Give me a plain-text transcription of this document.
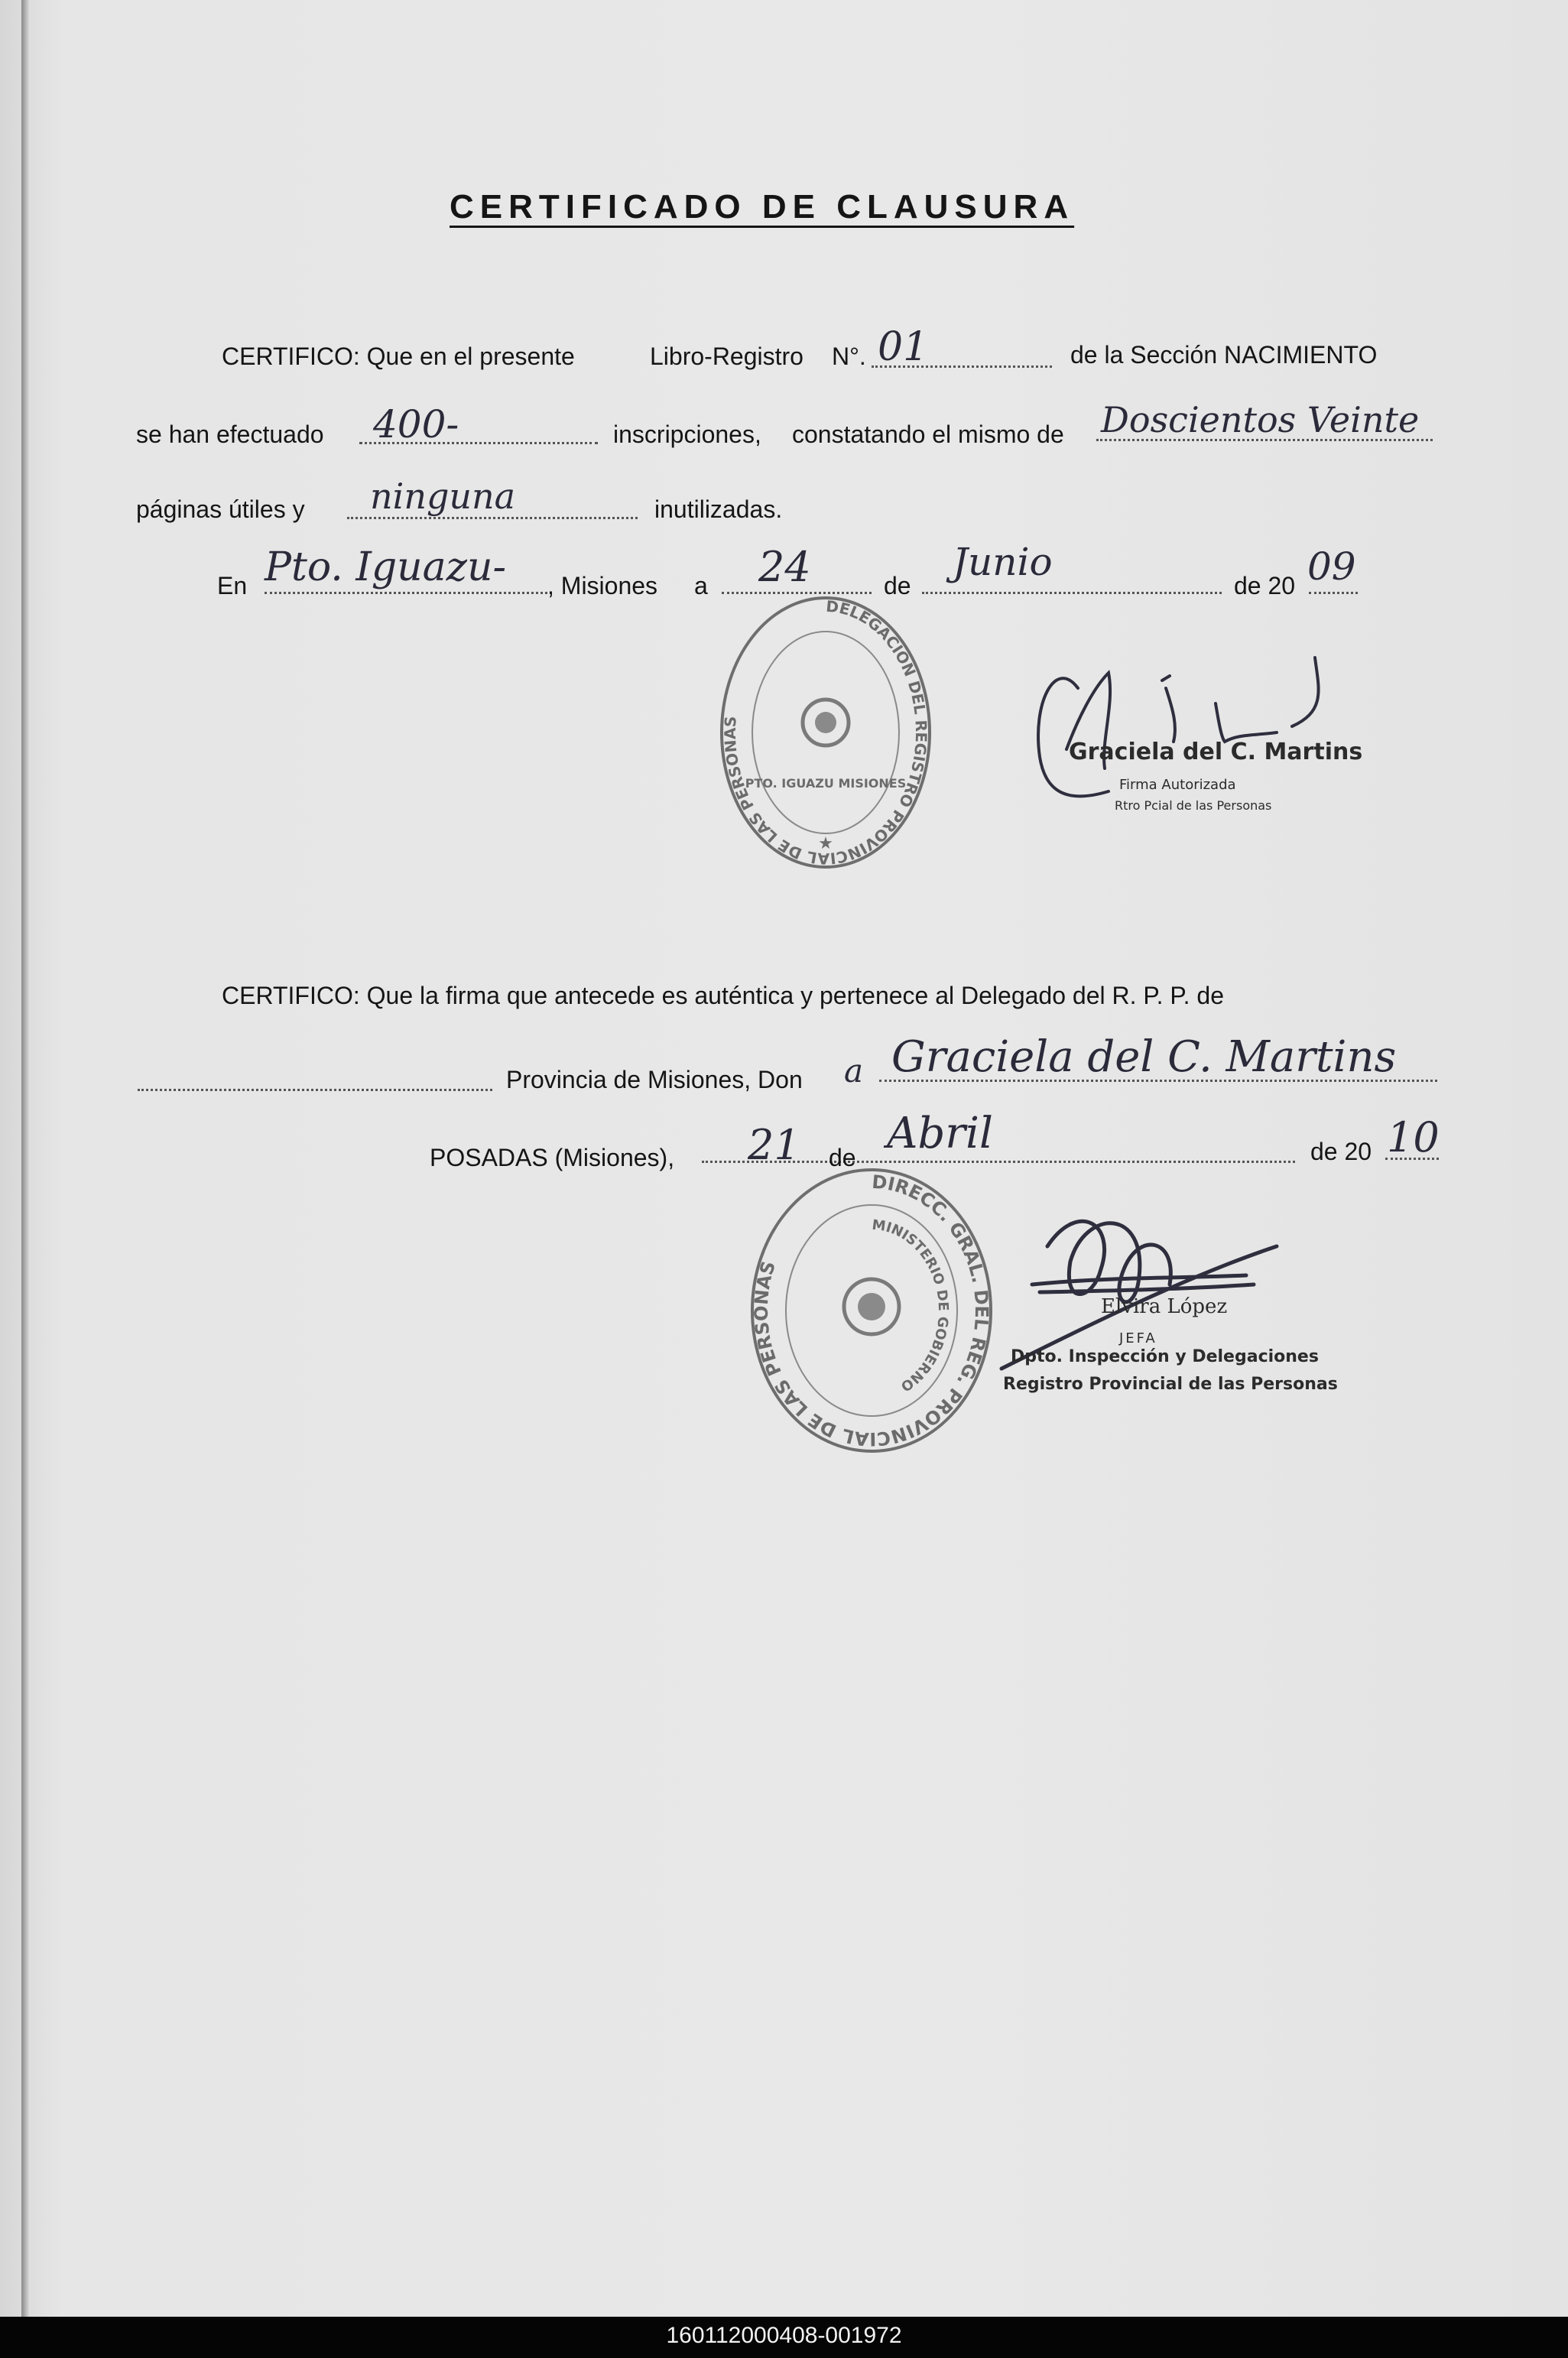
CERTIFICADO DE CLAUSURA
CERTIFICO: Que en el presente	Libro-Registro N°. 01	de la Sección NACIMIENTO
se han efectuado 400-	inscripciones, constatando el mismo de Doscientos Veinte
páginas útiles y ninguna	inutilizadas.
En Pto. Iguazu- , Misiones a 24	de
Junio
de 20 09
DELEGACION DEL REGISTRO PROVINCIAL DE LAS PERSONAS
PTO. IGUAZU MISIONES
★
Graciela del C. Martins
Firma Autorizada
Rtro Pcial de las Personas
CERTIFICO: Que la firma que antecede es auténtica y pertenece al Delegado del R. P. P. de
Provincia de Misiones, Don a Graciela del C. Martins
POSADAS (Misiones), 21 de Abril	de 20 10
DIRECC. GRAL. DEL REG. PROVINCIAL DE LAS PERSONAS
MINISTERIO DE GOBIERNO
Elvira López
JEFA
Dpto. Inspección y Delegaciones
Registro Provincial de las Personas
160112000408-001972
